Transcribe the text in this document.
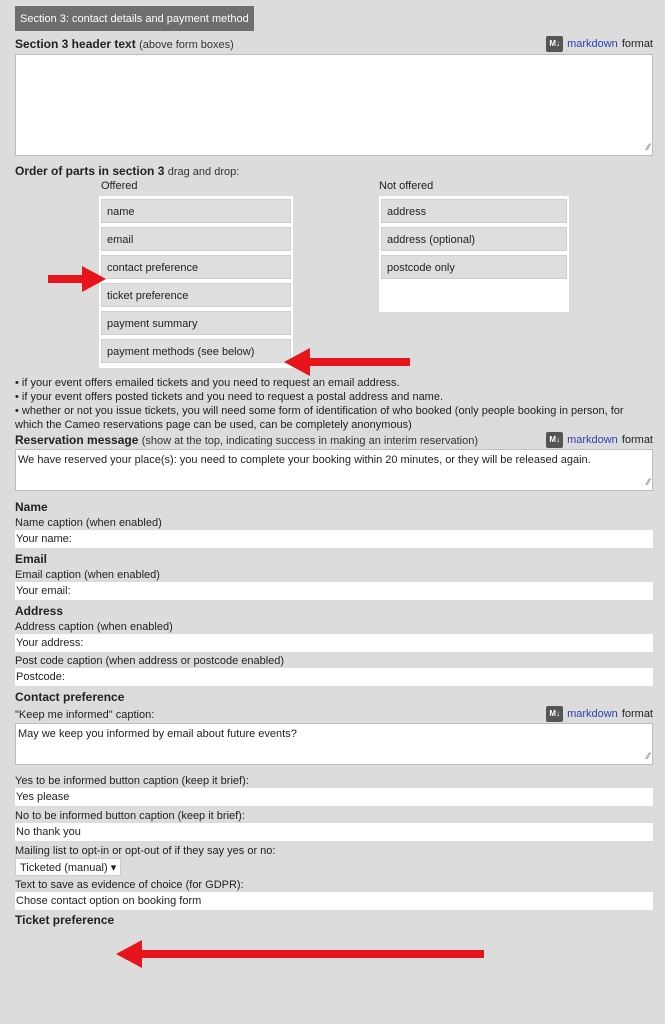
Section 3: contact details and payment method
Section 3 header text (above form boxes)	M↓ markdown format
⁄⁄
Order of parts in section 3 drag and drop:
Offered	Not offered
name
email
contact preference
ticket preference
payment summary
payment methods (see below)
address
address (optional)
postcode only
• if your event offers emailed tickets and you need to request an email address.
• if your event offers posted tickets and you need to request a postal address and name.
• whether or not you issue tickets, you will need some form of identification of who booked (only people booking in person, for which the Cameo reservations page can be used, can be completely anonymous)
Reservation message (show at the top, indicating success in making an interim reservation)	M↓ markdown format
We have reserved your place(s): you need to complete your booking within 20 minutes, or they will be released again.
⁄⁄
Name
Name caption (when enabled)
Your name:
Email
Email caption (when enabled)
Your email:
Address
Address caption (when enabled)
Your address:
Post code caption (when address or postcode enabled)
Postcode:
Contact preference
"Keep me informed" caption:	M↓ markdown format
May we keep you informed by email about future events?
⁄⁄
Yes to be informed button caption (keep it brief):
Yes please
No to be informed button caption (keep it brief):
No thank you
Mailing list to opt-in or opt-out of if they say yes or no:
Ticketed (manual) ▾
Text to save as evidence of choice (for GDPR):
Chose contact option on booking form
Ticket preference
